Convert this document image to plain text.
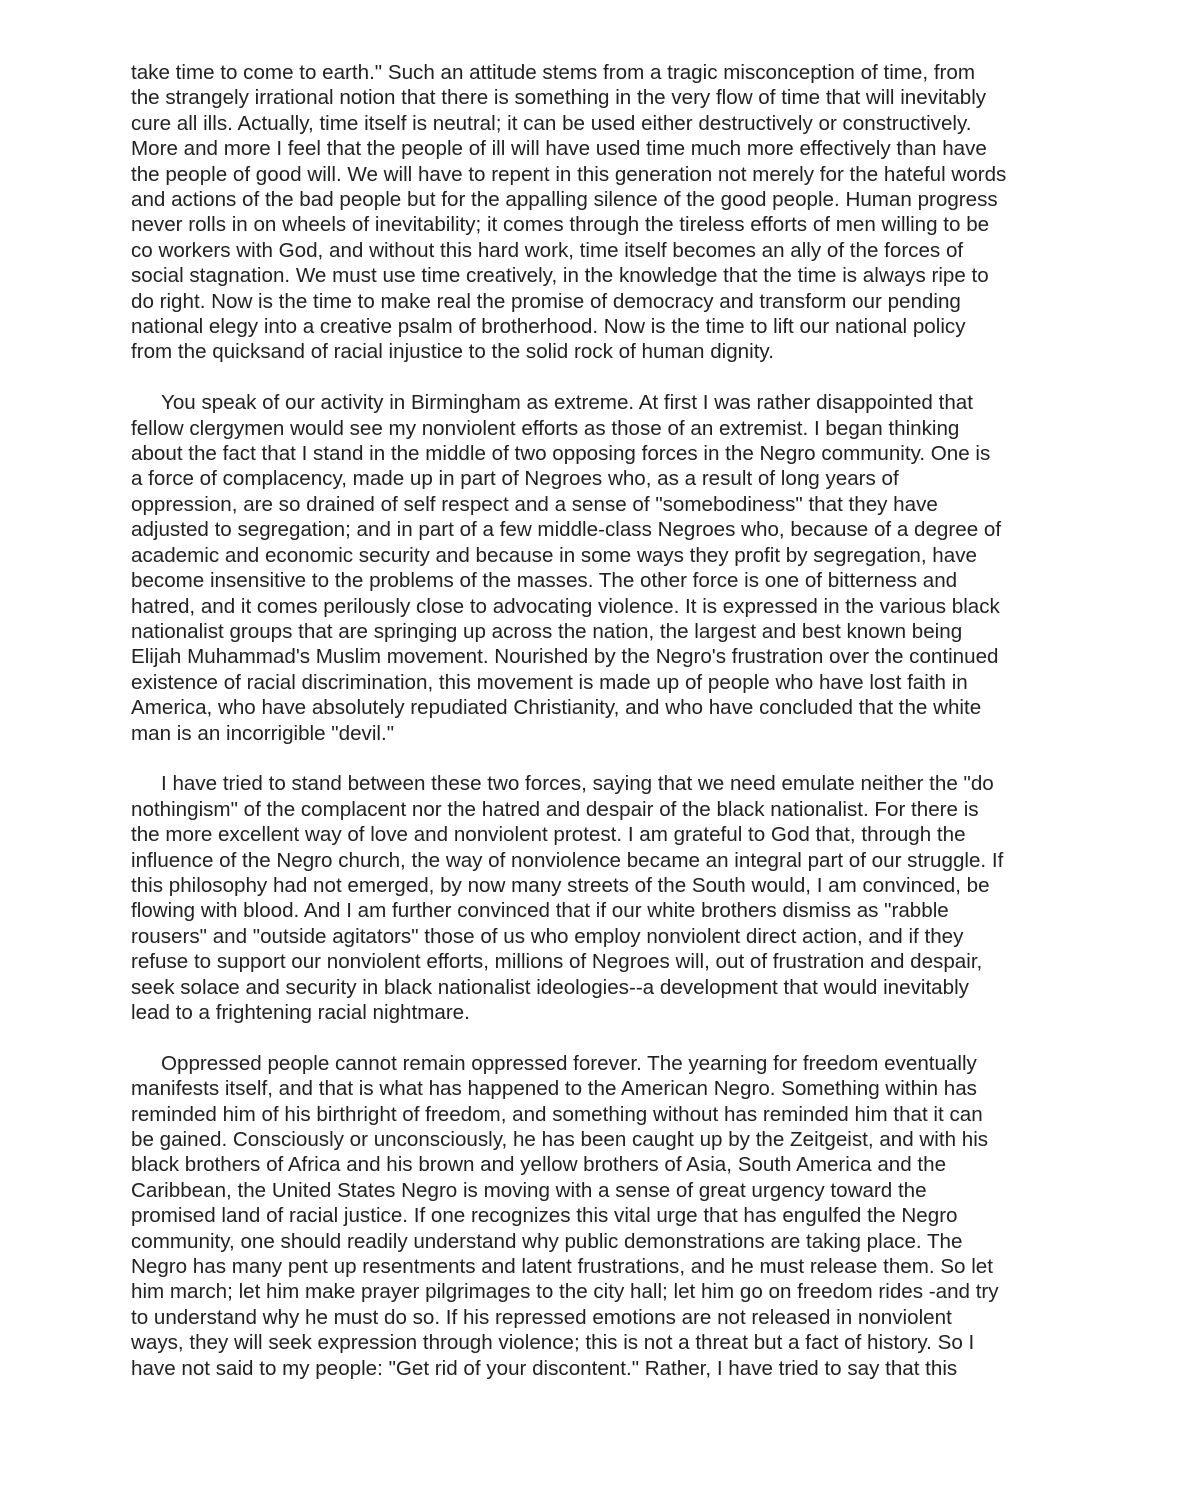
take time to come to earth." Such an attitude stems from a tragic misconception of time, from
the strangely irrational notion that there is something in the very flow of time that will inevitably
cure all ills. Actually, time itself is neutral; it can be used either destructively or constructively.
More and more I feel that the people of ill will have used time much more effectively than have
the people of good will. We will have to repent in this generation not merely for the hateful words
and actions of the bad people but for the appalling silence of the good people. Human progress
never rolls in on wheels of inevitability; it comes through the tireless efforts of men willing to be
co workers with God, and without this hard work, time itself becomes an ally of the forces of
social stagnation. We must use time creatively, in the knowledge that the time is always ripe to
do right. Now is the time to make real the promise of democracy and transform our pending
national elegy into a creative psalm of brotherhood. Now is the time to lift our national policy
from the quicksand of racial injustice to the solid rock of human dignity.

You speak of our activity in Birmingham as extreme. At first I was rather disappointed that
fellow clergymen would see my nonviolent efforts as those of an extremist. I began thinking
about the fact that I stand in the middle of two opposing forces in the Negro community. One is
a force of complacency, made up in part of Negroes who, as a result of long years of
oppression, are so drained of self respect and a sense of "somebodiness" that they have
adjusted to segregation; and in part of a few middle-class Negroes who, because of a degree of
academic and economic security and because in some ways they profit by segregation, have
become insensitive to the problems of the masses. The other force is one of bitterness and
hatred, and it comes perilously close to advocating violence. It is expressed in the various black
nationalist groups that are springing up across the nation, the largest and best known being
Elijah Muhammad's Muslim movement. Nourished by the Negro's frustration over the continued
existence of racial discrimination, this movement is made up of people who have lost faith in
America, who have absolutely repudiated Christianity, and who have concluded that the white
man is an incorrigible "devil."

I have tried to stand between these two forces, saying that we need emulate neither the "do
nothingism" of the complacent nor the hatred and despair of the black nationalist. For there is
the more excellent way of love and nonviolent protest. I am grateful to God that, through the
influence of the Negro church, the way of nonviolence became an integral part of our struggle. If
this philosophy had not emerged, by now many streets of the South would, I am convinced, be
flowing with blood. And I am further convinced that if our white brothers dismiss as "rabble
rousers" and "outside agitators" those of us who employ nonviolent direct action, and if they
refuse to support our nonviolent efforts, millions of Negroes will, out of frustration and despair,
seek solace and security in black nationalist ideologies--a development that would inevitably
lead to a frightening racial nightmare.

Oppressed people cannot remain oppressed forever. The yearning for freedom eventually
manifests itself, and that is what has happened to the American Negro. Something within has
reminded him of his birthright of freedom, and something without has reminded him that it can
be gained. Consciously or unconsciously, he has been caught up by the Zeitgeist, and with his
black brothers of Africa and his brown and yellow brothers of Asia, South America and the
Caribbean, the United States Negro is moving with a sense of great urgency toward the
promised land of racial justice. If one recognizes this vital urge that has engulfed the Negro
community, one should readily understand why public demonstrations are taking place. The
Negro has many pent up resentments and latent frustrations, and he must release them. So let
him march; let him make prayer pilgrimages to the city hall; let him go on freedom rides -and try
to understand why he must do so. If his repressed emotions are not released in nonviolent
ways, they will seek expression through violence; this is not a threat but a fact of history. So I
have not said to my people: "Get rid of your discontent." Rather, I have tried to say that this
